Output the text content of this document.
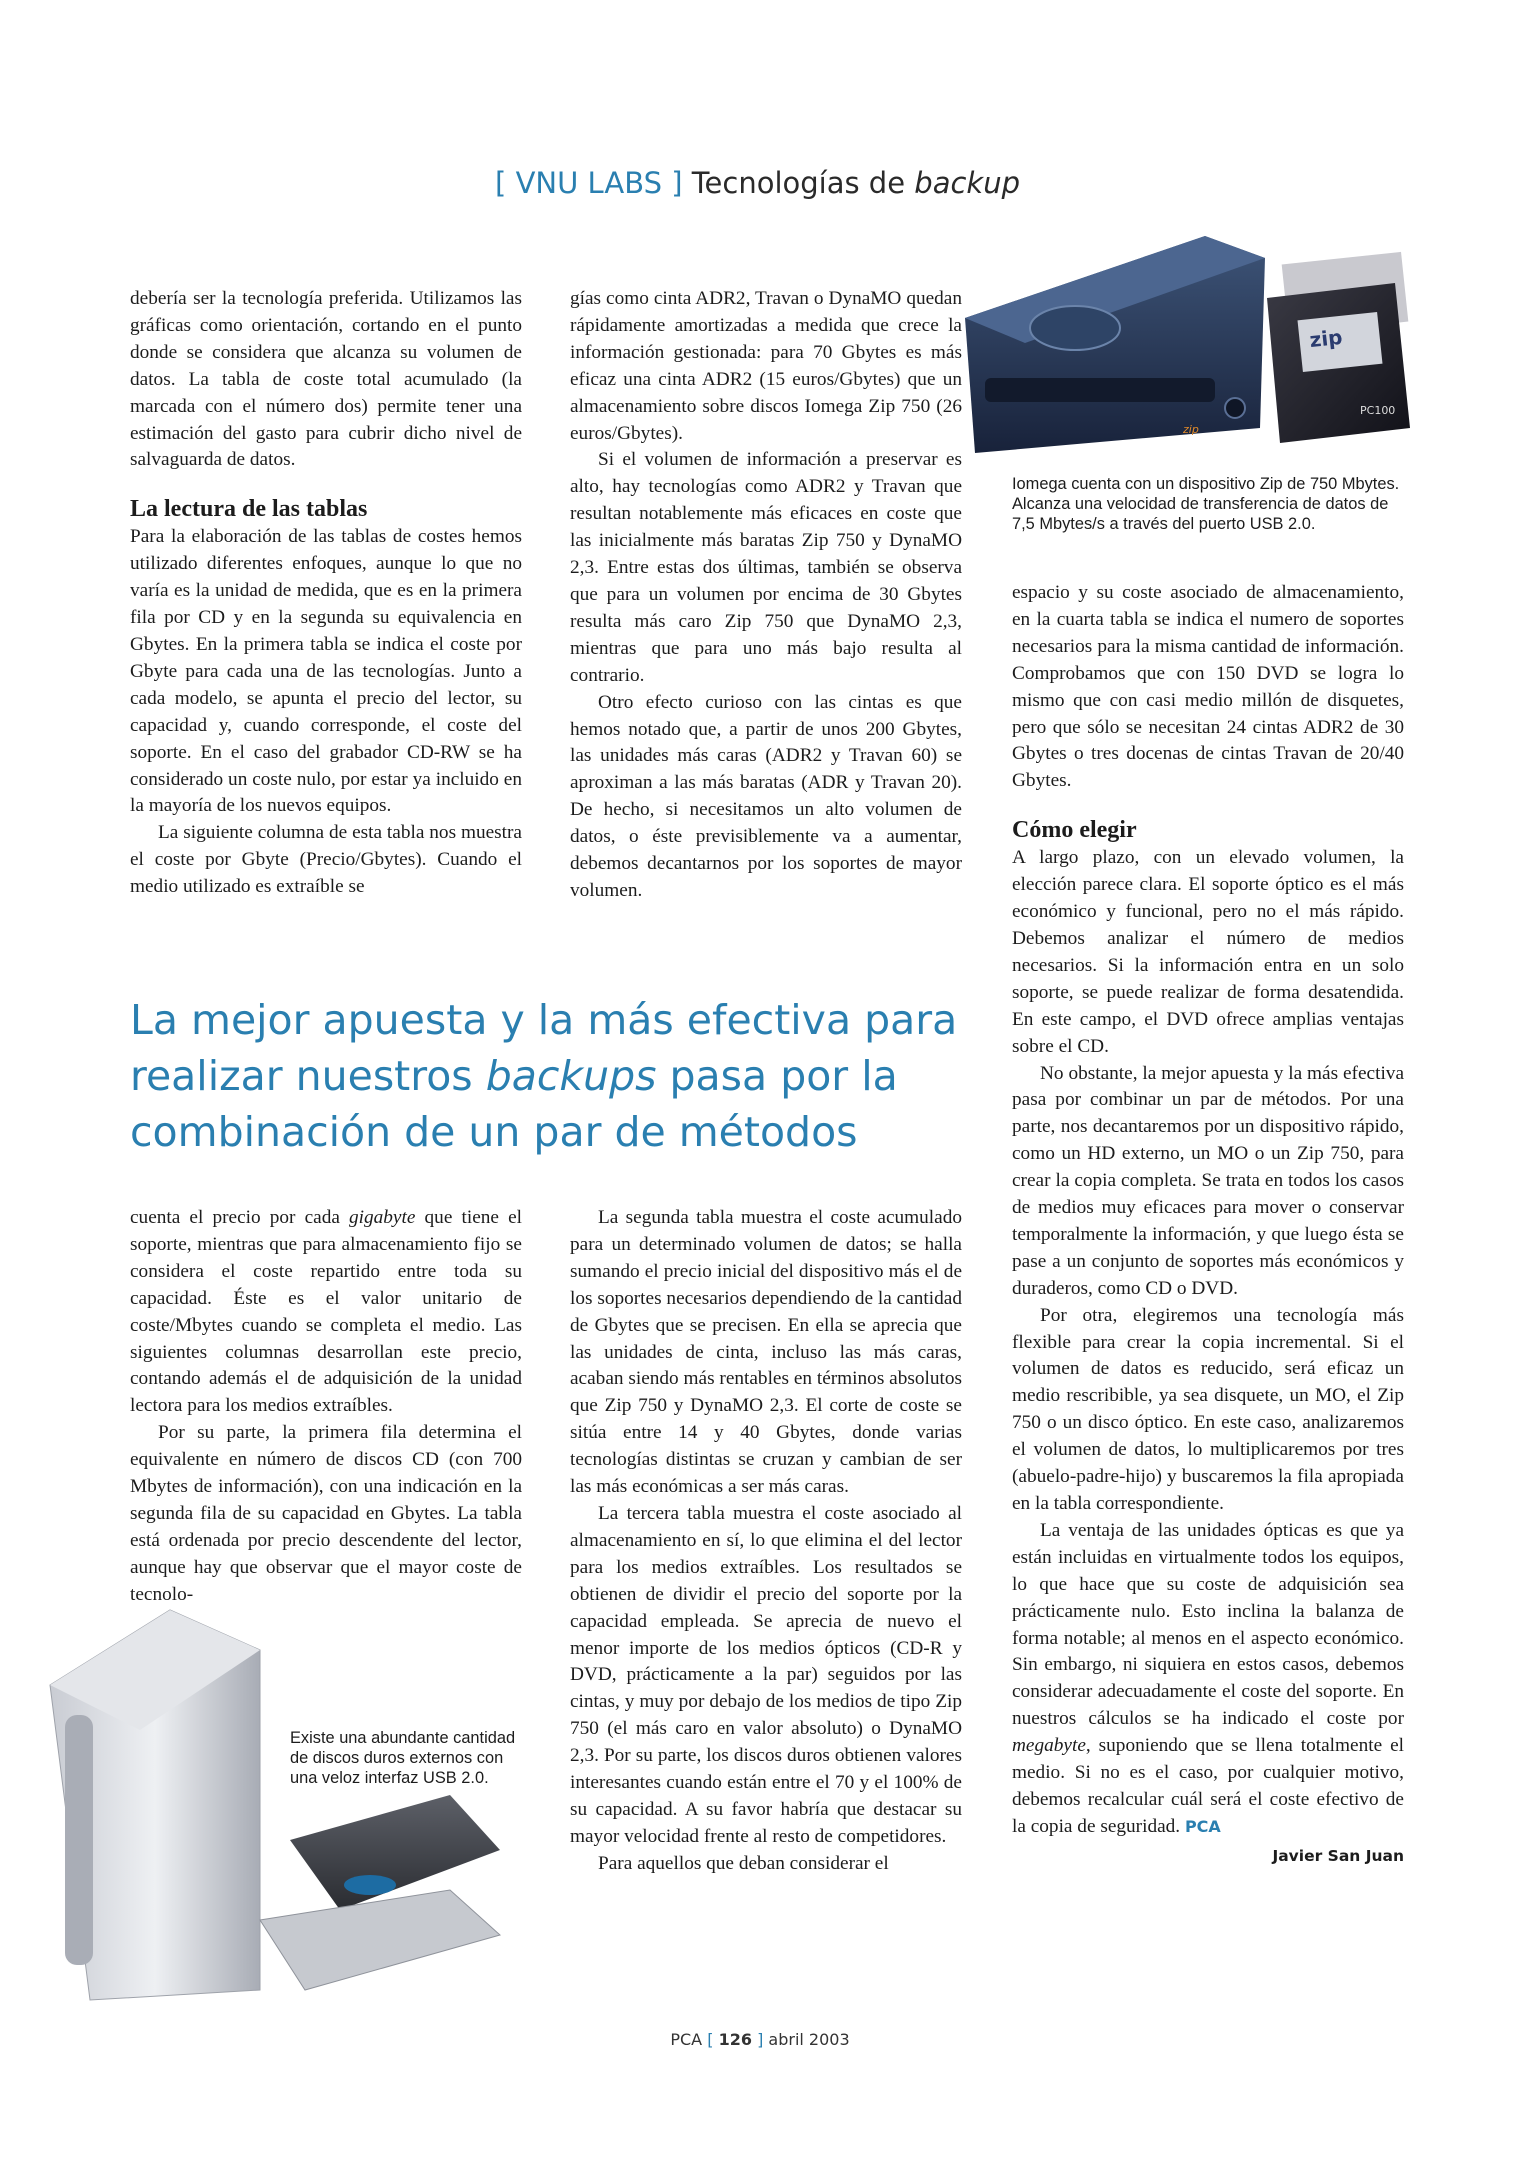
[ VNU LABS ] Tecnologías de backup
zip
zip
PC100
Iomega cuenta con un dispositivo Zip de 750 Mbytes. Alcanza una velocidad de transferencia de datos de 7,5 Mbytes/s a través del puerto USB 2.0.

debería ser la tecnología preferida. Utilizamos las gráficas como orientación, cortando en el punto donde se considera que alcanza su volumen de datos. La tabla de coste total acumulado (la marcada con el número dos) permite tener una estimación del gasto para cubrir dicho nivel de salvaguarda de datos.

La lectura de las tablas

Para la elaboración de las tablas de costes hemos utilizado diferentes enfoques, aunque lo que no varía es la unidad de medida, que es en la primera fila por CD y en la segunda su equivalencia en Gbytes. En la primera tabla se indica el coste por Gbyte para cada una de las tecnologías. Junto a cada modelo, se apunta el precio del lector, su capacidad y, cuando corresponde, el coste del soporte. En el caso del grabador CD-RW se ha considerado un coste nulo, por estar ya incluido en la mayoría de los nuevos equipos.

La siguiente columna de esta tabla nos muestra el coste por Gbyte (Precio/Gbytes). Cuando el medio utilizado es extraíble se

gías como cinta ADR2, Travan o DynaMO quedan rápidamente amortizadas a medida que crece la información gestionada: para 70 Gbytes es más eficaz una cinta ADR2 (15 euros/Gbytes) que un almacenamiento sobre discos Iomega Zip 750 (26 euros/Gbytes).

Si el volumen de información a preservar es alto, hay tecnologías como ADR2 y Travan que resultan notablemente más eficaces en coste que las inicialmente más baratas Zip 750 y DynaMO 2,3. Entre estas dos últimas, también se observa que para un volumen por encima de 30 Gbytes resulta más caro Zip 750 que DynaMO 2,3, mientras que para uno más bajo resulta al contrario.

Otro efecto curioso con las cintas es que hemos notado que, a partir de unos 200 Gbytes, las unidades más caras (ADR2 y Travan 60) se aproximan a las más baratas (ADR y Travan 20). De hecho, si necesitamos un alto volumen de datos, o éste previsiblemente va a aumentar, debemos decantarnos por los soportes de mayor volumen.

La mejor apuesta y la más efectiva para
realizar nuestros backups pasa por la
combinación de un par de métodos

cuenta el precio por cada gigabyte que tiene el soporte, mientras que para almacenamiento fijo se considera el coste repartido entre toda su capacidad. Éste es el valor unitario de coste/Mbytes cuando se completa el medio. Las siguientes columnas desarrollan este precio, contando además el de adquisición de la unidad lectora para los medios extraíbles.

Por su parte, la primera fila determina el equivalente en número de discos CD (con 700 Mbytes de información), con una indicación en la segunda fila de su capacidad en Gbytes. La tabla está ordenada por precio descendente del lector, aunque hay que observar que el mayor coste de tecnolo-

Existe una abundante cantidad de discos duros externos con una veloz interfaz USB 2.0.

La segunda tabla muestra el coste acumulado para un determinado volumen de datos; se halla sumando el precio inicial del dispositivo más el de los soportes necesarios dependiendo de la cantidad de Gbytes que se precisen. En ella se aprecia que las unidades de cinta, incluso las más caras, acaban siendo más rentables en términos absolutos que Zip 750 y DynaMO 2,3. El corte de coste se sitúa entre 14 y 40 Gbytes, donde varias tecnologías distintas se cruzan y cambian de ser las más económicas a ser más caras.

La tercera tabla muestra el coste asociado al almacenamiento en sí, lo que elimina el del lector para los medios extraíbles. Los resultados se obtienen de dividir el precio del soporte por la capacidad empleada. Se aprecia de nuevo el menor importe de los medios ópticos (CD-R y DVD, prácticamente a la par) seguidos por las cintas, y muy por debajo de los medios de tipo Zip 750 (el más caro en valor absoluto) o DynaMO 2,3. Por su parte, los discos duros obtienen valores interesantes cuando están entre el 70 y el 100% de su capacidad. A su favor habría que destacar su mayor velocidad frente al resto de competidores.

Para aquellos que deban considerar el

espacio y su coste asociado de almacenamiento, en la cuarta tabla se indica el numero de soportes necesarios para la misma cantidad de información. Comprobamos que con 150 DVD se logra lo mismo que con casi medio millón de disquetes, pero que sólo se necesitan 24 cintas ADR2 de 30 Gbytes o tres docenas de cintas Travan de 20/40 Gbytes.

Cómo elegir

A largo plazo, con un elevado volumen, la elección parece clara. El soporte óptico es el más económico y funcional, pero no el más rápido. Debemos analizar el número de medios necesarios. Si la información entra en un solo soporte, se puede realizar de forma desatendida. En este campo, el DVD ofrece amplias ventajas sobre el CD.

No obstante, la mejor apuesta y la más efectiva pasa por combinar un par de métodos. Por una parte, nos decantaremos por un dispositivo rápido, como un HD externo, un MO o un Zip 750, para crear la copia completa. Se trata en todos los casos de medios muy eficaces para mover o conservar temporalmente la información, y que luego ésta se pase a un conjunto de soportes más económicos y duraderos, como CD o DVD.

Por otra, elegiremos una tecnología más flexible para crear la copia incremental. Si el volumen de datos es reducido, será eficaz un medio rescribible, ya sea disquete, un MO, el Zip 750 o un disco óptico. En este caso, analizaremos el volumen de datos, lo multiplicaremos por tres (abuelo-padre-hijo) y buscaremos la fila apropiada en la tabla correspondiente.

La ventaja de las unidades ópticas es que ya están incluidas en virtualmente todos los equipos, lo que hace que su coste de adquisición sea prácticamente nulo. Esto inclina la balanza de forma notable; al menos en el aspecto económico. Sin embargo, ni siquiera en estos casos, debemos considerar adecuadamente el coste del soporte. En nuestros cálculos se ha indicado el coste por megabyte, suponiendo que se llena totalmente el medio. Si no es el caso, por cualquier motivo, debemos recalcular cuál será el coste efectivo de la copia de seguridad. PCA

Javier San Juan
PCA [ 126 ] abril 2003
